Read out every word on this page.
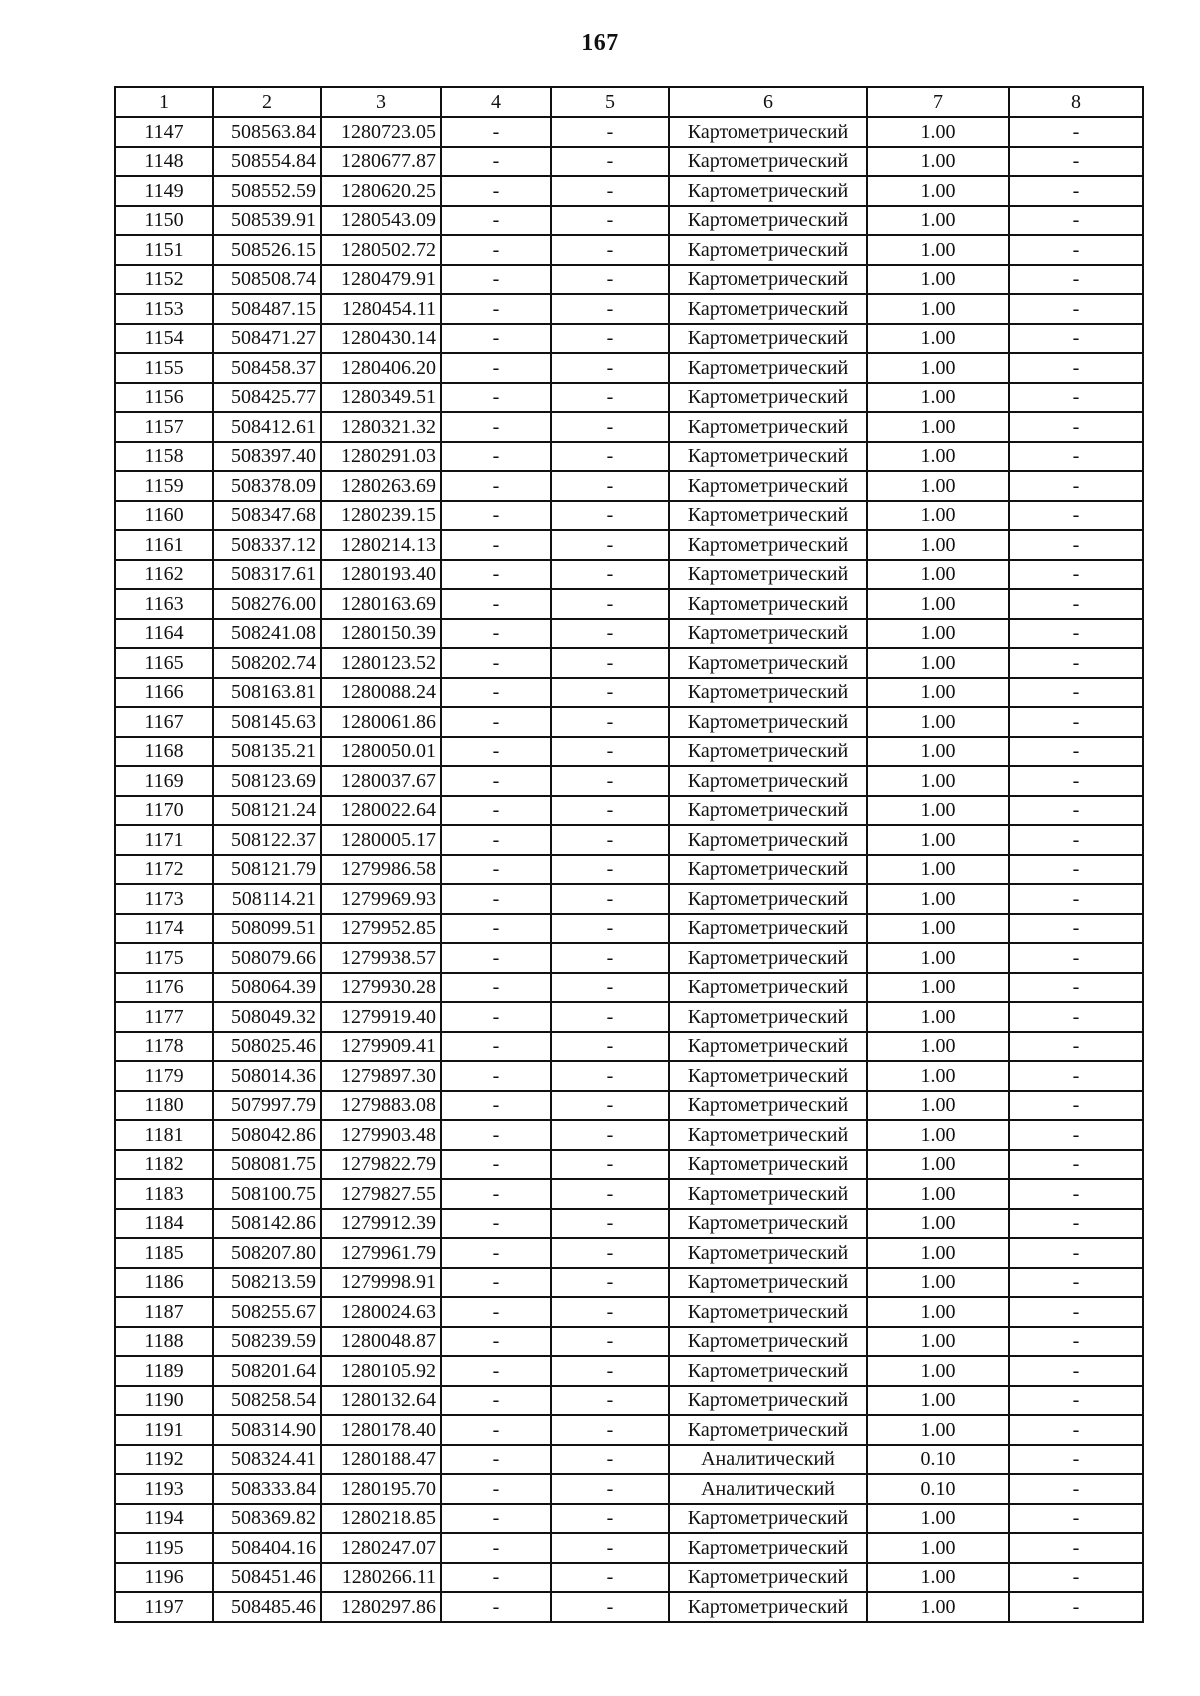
167
1	2	3	4	5	6	7	8
1147	508563.84	1280723.05	-	-	Картометрический	1.00	-
1148	508554.84	1280677.87	-	-	Картометрический	1.00	-
1149	508552.59	1280620.25	-	-	Картометрический	1.00	-
1150	508539.91	1280543.09	-	-	Картометрический	1.00	-
1151	508526.15	1280502.72	-	-	Картометрический	1.00	-
1152	508508.74	1280479.91	-	-	Картометрический	1.00	-
1153	508487.15	1280454.11	-	-	Картометрический	1.00	-
1154	508471.27	1280430.14	-	-	Картометрический	1.00	-
1155	508458.37	1280406.20	-	-	Картометрический	1.00	-
1156	508425.77	1280349.51	-	-	Картометрический	1.00	-
1157	508412.61	1280321.32	-	-	Картометрический	1.00	-
1158	508397.40	1280291.03	-	-	Картометрический	1.00	-
1159	508378.09	1280263.69	-	-	Картометрический	1.00	-
1160	508347.68	1280239.15	-	-	Картометрический	1.00	-
1161	508337.12	1280214.13	-	-	Картометрический	1.00	-
1162	508317.61	1280193.40	-	-	Картометрический	1.00	-
1163	508276.00	1280163.69	-	-	Картометрический	1.00	-
1164	508241.08	1280150.39	-	-	Картометрический	1.00	-
1165	508202.74	1280123.52	-	-	Картометрический	1.00	-
1166	508163.81	1280088.24	-	-	Картометрический	1.00	-
1167	508145.63	1280061.86	-	-	Картометрический	1.00	-
1168	508135.21	1280050.01	-	-	Картометрический	1.00	-
1169	508123.69	1280037.67	-	-	Картометрический	1.00	-
1170	508121.24	1280022.64	-	-	Картометрический	1.00	-
1171	508122.37	1280005.17	-	-	Картометрический	1.00	-
1172	508121.79	1279986.58	-	-	Картометрический	1.00	-
1173	508114.21	1279969.93	-	-	Картометрический	1.00	-
1174	508099.51	1279952.85	-	-	Картометрический	1.00	-
1175	508079.66	1279938.57	-	-	Картометрический	1.00	-
1176	508064.39	1279930.28	-	-	Картометрический	1.00	-
1177	508049.32	1279919.40	-	-	Картометрический	1.00	-
1178	508025.46	1279909.41	-	-	Картометрический	1.00	-
1179	508014.36	1279897.30	-	-	Картометрический	1.00	-
1180	507997.79	1279883.08	-	-	Картометрический	1.00	-
1181	508042.86	1279903.48	-	-	Картометрический	1.00	-
1182	508081.75	1279822.79	-	-	Картометрический	1.00	-
1183	508100.75	1279827.55	-	-	Картометрический	1.00	-
1184	508142.86	1279912.39	-	-	Картометрический	1.00	-
1185	508207.80	1279961.79	-	-	Картометрический	1.00	-
1186	508213.59	1279998.91	-	-	Картометрический	1.00	-
1187	508255.67	1280024.63	-	-	Картометрический	1.00	-
1188	508239.59	1280048.87	-	-	Картометрический	1.00	-
1189	508201.64	1280105.92	-	-	Картометрический	1.00	-
1190	508258.54	1280132.64	-	-	Картометрический	1.00	-
1191	508314.90	1280178.40	-	-	Картометрический	1.00	-
1192	508324.41	1280188.47	-	-	Аналитический	0.10	-
1193	508333.84	1280195.70	-	-	Аналитический	0.10	-
1194	508369.82	1280218.85	-	-	Картометрический	1.00	-
1195	508404.16	1280247.07	-	-	Картометрический	1.00	-
1196	508451.46	1280266.11	-	-	Картометрический	1.00	-
1197	508485.46	1280297.86	-	-	Картометрический	1.00	-
